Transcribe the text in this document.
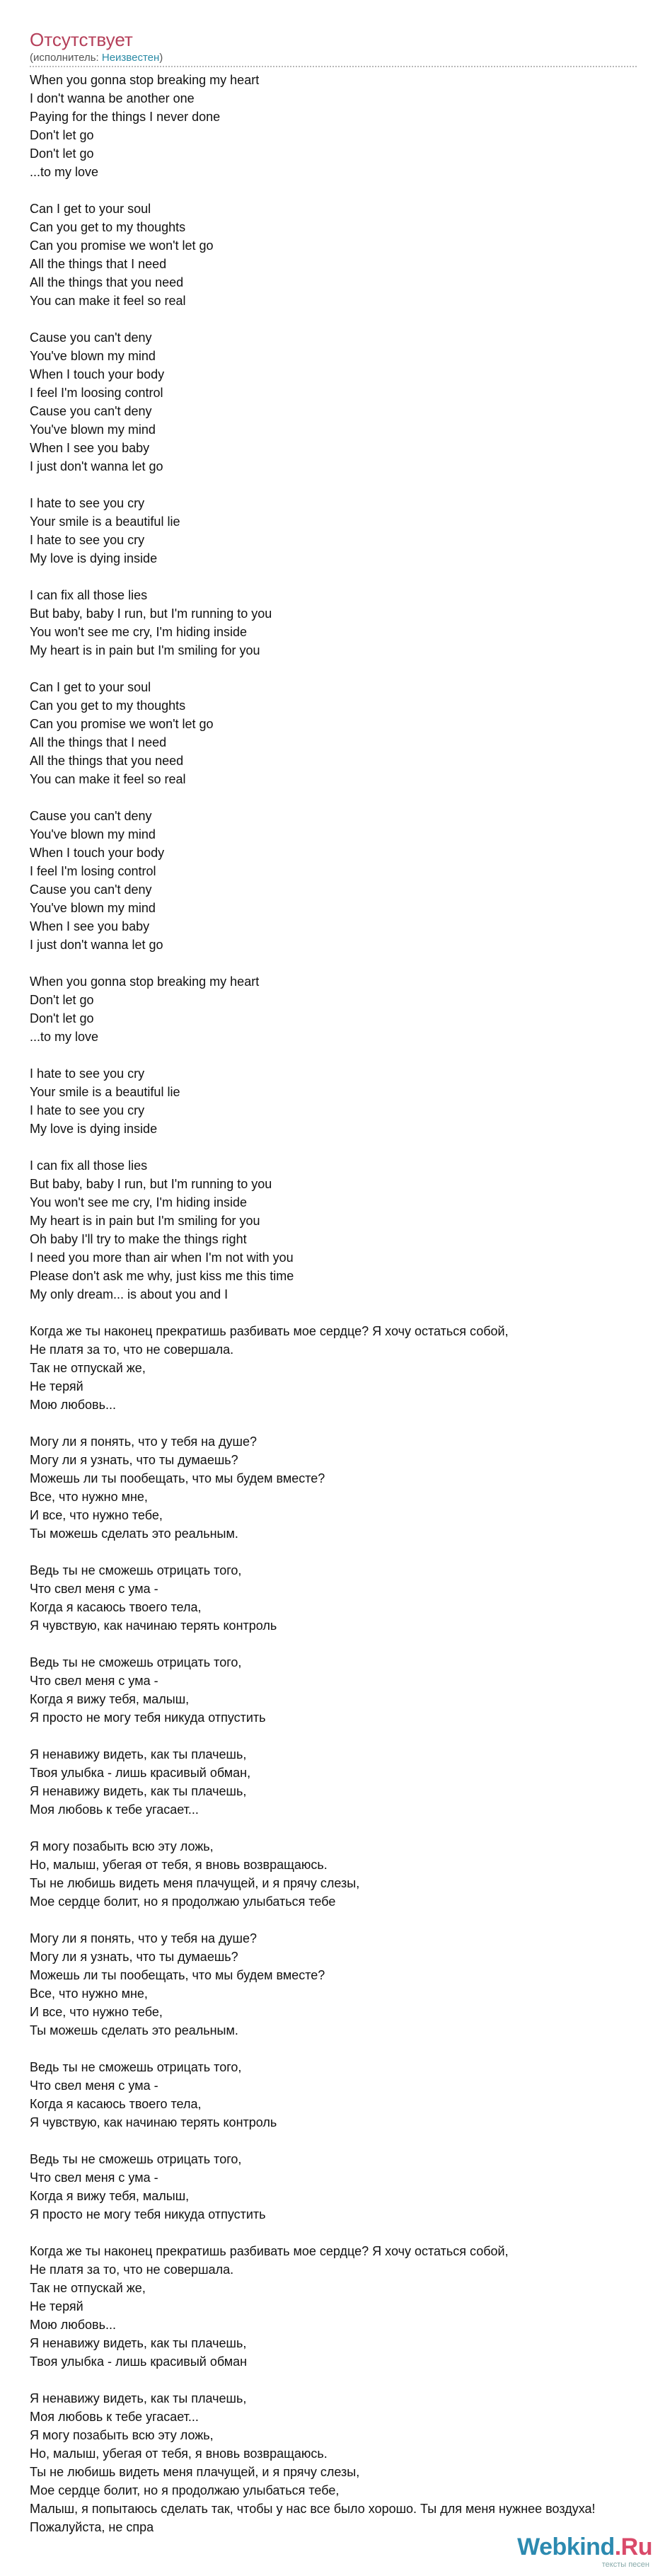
Отсутствует
(исполнитель: Неизвестен)
When you gonna stop breaking my heart
I don't wanna be another one
Paying for the things I never done
Don't let go
Don't let go
...to my love
Can I get to your soul
Can you get to my thoughts
Can you promise we won't let go
All the things that I need
All the things that you need
You can make it feel so real
Cause you can't deny
You've blown my mind
When I touch your body
I feel I'm loosing control
Cause you can't deny
You've blown my mind
When I see you baby
I just don't wanna let go
I hate to see you cry
Your smile is a beautiful lie
I hate to see you cry
My love is dying inside
I can fix all those lies
But baby, baby I run, but I'm running to you
You won't see me cry, I'm hiding inside
My heart is in pain but I'm smiling for you
Can I get to your soul
Can you get to my thoughts
Can you promise we won't let go
All the things that I need
All the things that you need
You can make it feel so real
Cause you can't deny
You've blown my mind
When I touch your body
I feel I'm losing control
Cause you can't deny
You've blown my mind
When I see you baby
I just don't wanna let go
When you gonna stop breaking my heart
Don't let go
Don't let go
...to my love
I hate to see you cry
Your smile is a beautiful lie
I hate to see you cry
My love is dying inside
I can fix all those lies
But baby, baby I run, but I'm running to you
You won't see me cry, I'm hiding inside
My heart is in pain but I'm smiling for you
Oh baby I'll try to make the things right
I need you more than air when I'm not with you
Please don't ask me why, just kiss me this time
My only dream... is about you and I
Когда же ты наконец прекратишь разбивать мое сердце? Я хочу остаться собой,
Не платя за то, что не совершала.
Так не отпускай же,
Не теряй
Мою любовь...
Могу ли я понять, что у тебя на душе?
Могу ли я узнать, что ты думаешь?
Можешь ли ты пообещать, что мы будем вместе?
Все, что нужно мне,
И все, что нужно тебе,
Ты можешь сделать это реальным.
Ведь ты не сможешь отрицать того,
Что свел меня с ума -
Когда я касаюсь твоего тела,
Я чувствую, как начинаю терять контроль
Ведь ты не сможешь отрицать того,
Что свел меня с ума -
Когда я вижу тебя, малыш,
Я просто не могу тебя никуда отпустить
Я ненавижу видеть, как ты плачешь,
Твоя улыбка - лишь красивый обман,
Я ненавижу видеть, как ты плачешь,
Моя любовь к тебе угасает...
Я могу позабыть всю эту ложь,
Но, малыш, убегая от тебя, я вновь возвращаюсь.
Ты не любишь видеть меня плачущей, и я прячу слезы,
Мое сердце болит, но я продолжаю улыбаться тебе
Могу ли я понять, что у тебя на душе?
Могу ли я узнать, что ты думаешь?
Можешь ли ты пообещать, что мы будем вместе?
Все, что нужно мне,
И все, что нужно тебе,
Ты можешь сделать это реальным.
Ведь ты не сможешь отрицать того,
Что свел меня с ума -
Когда я касаюсь твоего тела,
Я чувствую, как начинаю терять контроль
Ведь ты не сможешь отрицать того,
Что свел меня с ума -
Когда я вижу тебя, малыш,
Я просто не могу тебя никуда отпустить
Когда же ты наконец прекратишь разбивать мое сердце? Я хочу остаться собой,
Не платя за то, что не совершала.
Так не отпускай же,
Не теряй
Мою любовь...
Я ненавижу видеть, как ты плачешь,
Твоя улыбка - лишь красивый обман
Я ненавижу видеть, как ты плачешь,
Моя любовь к тебе угасает...
Я могу позабыть всю эту ложь,
Но, малыш, убегая от тебя, я вновь возвращаюсь.
Ты не любишь видеть меня плачущей, и я прячу слезы,
Мое сердце болит, но я продолжаю улыбаться тебе,
Малыш, я попытаюсь сделать так, чтобы у нас все было хорошо. Ты для меня нужнее воздуха!
Пожалуйста, не спра
Webkind.Ru
тексты песен
